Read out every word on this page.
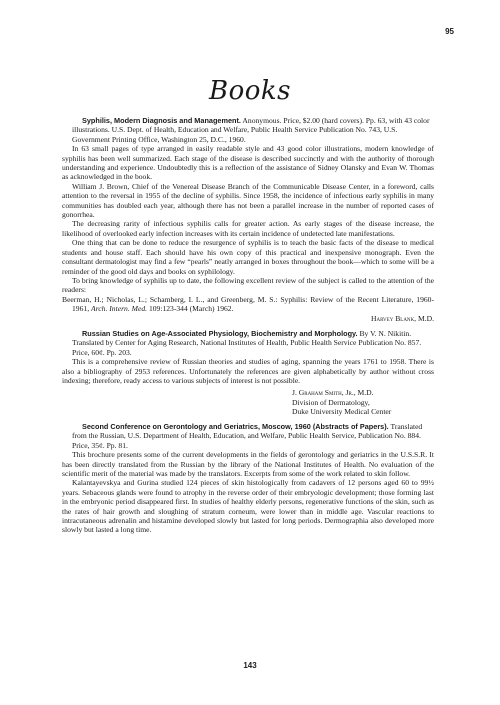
95
Books

Syphilis, Modern Diagnosis and Management. Anonymous. Price, $2.00 (hard covers). Pp. 63, with 43 color illustrations. U.S. Dept. of Health, Education and Welfare, Public Health Service Publication No. 743, U.S. Government Printing Office, Washington 25, D.C., 1960.

In 63 small pages of type arranged in easily readable style and 43 good color illustrations, modern knowledge of syphilis has been well summarized. Each stage of the disease is described succinctly and with the authority of thorough understanding and experience. Undoubtedly this is a reflection of the assistance of Sidney Olansky and Evan W. Thomas as acknowledged in the book.

William J. Brown, Chief of the Venereal Disease Branch of the Communicable Disease Center, in a foreword, calls attention to the reversal in 1955 of the decline of syphilis. Since 1958, the incidence of infectious early syphilis in many communities has doubled each year, although there has not been a parallel increase in the number of reported cases of gonorrhea.

The decreasing rarity of infectious syphilis calls for greater action. As early stages of the disease increase, the likelihood of overlooked early infection increases with its certain incidence of undetected late manifestations.

One thing that can be done to reduce the resurgence of syphilis is to teach the basic facts of the disease to medical students and house staff. Each should have his own copy of this practical and inexpensive monograph. Even the consultant dermatologist may find a few “pearls” neatly arranged in boxes throughout the book—which to some will be a reminder of the good old days and books on syphilology.

To bring knowledge of syphilis up to date, the following excellent review of the subject is called to the attention of the readers:

Beerman, H.; Nicholas, L.; Schamberg, I. L., and Greenberg, M. S.: Syphilis: Review of the Recent Literature, 1960-1961, Arch. Intern. Med. 109:123-344 (March) 1962.

Harvey Blank, M.D.

Russian Studies on Age-Associated Physiology, Biochemistry and Morphology. By V. N. Nikitin. Translated by Center for Aging Research, National Institutes of Health, Public Health Service Publication No. 857. Price, 60¢. Pp. 203.

This is a comprehensive review of Russian theories and studies of aging, spanning the years 1761 to 1958. There is also a bibliography of 2953 references. Unfortunately the references are given alphabetically by author without cross indexing; therefore, ready access to various subjects of interest is not possible.

J. Graham Smith, Jr., M.D.
Division of Dermatology,
Duke University Medical Center

Second Conference on Gerontology and Geriatrics, Moscow, 1960 (Abstracts of Papers). Translated from the Russian, U.S. Department of Health, Education, and Welfare, Public Health Service, Publication No. 884. Price, 35¢. Pp. 81.

This brochure presents some of the current developments in the fields of gerontology and geriatrics in the U.S.S.R. It has been directly translated from the Russian by the library of the National Institutes of Health. No evaluation of the scientific merit of the material was made by the translators. Excerpts from some of the work related to skin follow.

Kalantayevskya and Gurina studied 124 pieces of skin histologically from cadavers of 12 persons aged 60 to 99½ years. Sebaceous glands were found to atrophy in the reverse order of their embryologic development; those forming last in the embryonic period disappeared first. In studies of healthy elderly persons, regenerative functions of the skin, such as the rates of hair growth and sloughing of stratum corneum, were lower than in middle age. Vascular reactions to intracutaneous adrenalin and histamine developed slowly but lasted for long periods. Dermographia also developed more slowly but lasted a long time.

143
